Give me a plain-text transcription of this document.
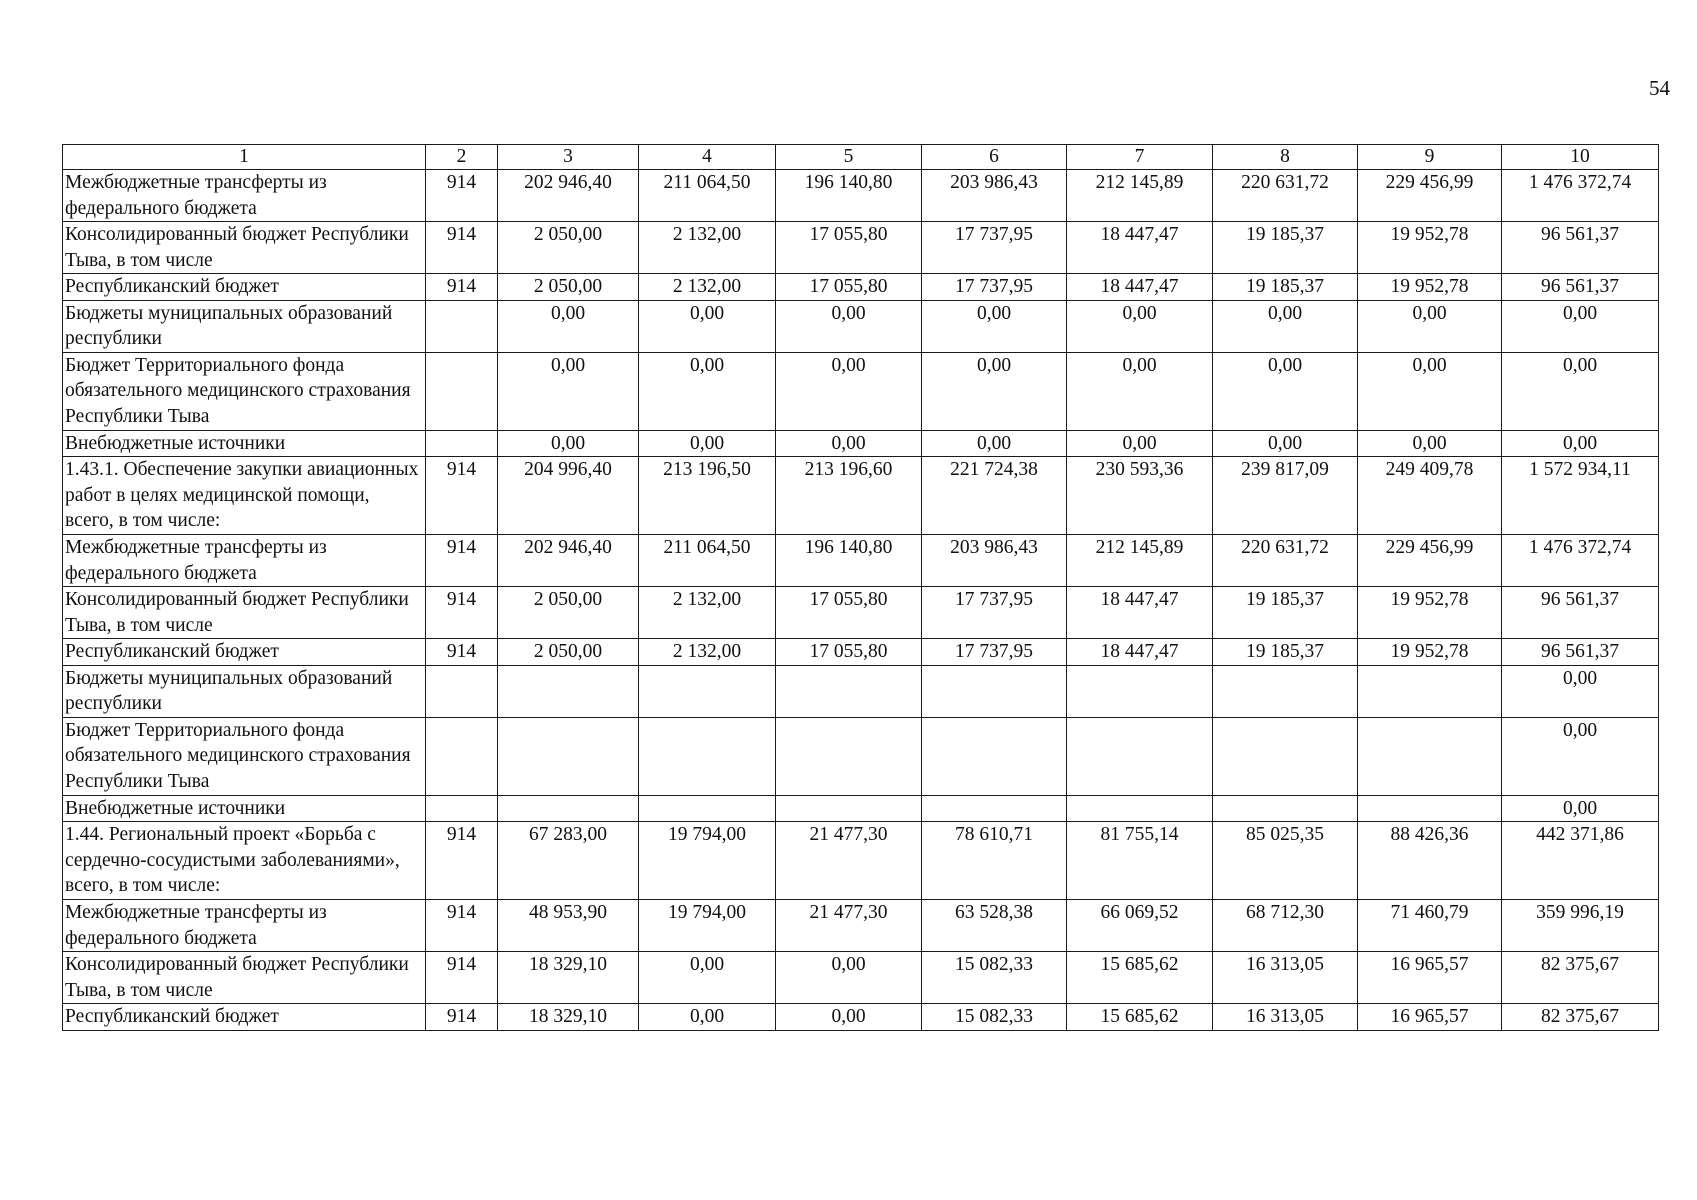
54
1	2	3	4	5	6	7	8	9	10
Межбюджетные трансферты из федерального бюджета	914	202 946,40	211 064,50	196 140,80	203 986,43	212 145,89	220 631,72	229 456,99	1 476 372,74
Консолидированный бюджет Республики Тыва, в том числе	914	2 050,00	2 132,00	17 055,80	17 737,95	18 447,47	19 185,37	19 952,78	96 561,37
Республиканский бюджет	914	2 050,00	2 132,00	17 055,80	17 737,95	18 447,47	19 185,37	19 952,78	96 561,37
Бюджеты муниципальных образований республики		0,00	0,00	0,00	0,00	0,00	0,00	0,00	0,00
Бюджет Территориального фонда обязательного медицинского страхования Республики Тыва		0,00	0,00	0,00	0,00	0,00	0,00	0,00	0,00
Внебюджетные источники		0,00	0,00	0,00	0,00	0,00	0,00	0,00	0,00
1.43.1. Обеспечение закупки авиационных работ в целях медицинской помощи, всего, в том числе:	914	204 996,40	213 196,50	213 196,60	221 724,38	230 593,36	239 817,09	249 409,78	1 572 934,11
Межбюджетные трансферты из федерального бюджета	914	202 946,40	211 064,50	196 140,80	203 986,43	212 145,89	220 631,72	229 456,99	1 476 372,74
Консолидированный бюджет Республики Тыва, в том числе	914	2 050,00	2 132,00	17 055,80	17 737,95	18 447,47	19 185,37	19 952,78	96 561,37
Республиканский бюджет	914	2 050,00	2 132,00	17 055,80	17 737,95	18 447,47	19 185,37	19 952,78	96 561,37
Бюджеты муниципальных образований республики									0,00
Бюджет Территориального фонда обязательного медицинского страхования Республики Тыва									0,00
Внебюджетные источники									0,00
1.44. Региональный проект «Борьба с сердечно-сосудистыми заболеваниями», всего, в том числе:	914	67 283,00	19 794,00	21 477,30	78 610,71	81 755,14	85 025,35	88 426,36	442 371,86
Межбюджетные трансферты из федерального бюджета	914	48 953,90	19 794,00	21 477,30	63 528,38	66 069,52	68 712,30	71 460,79	359 996,19
Консолидированный бюджет Республики Тыва, в том числе	914	18 329,10	0,00	0,00	15 082,33	15 685,62	16 313,05	16 965,57	82 375,67
Республиканский бюджет	914	18 329,10	0,00	0,00	15 082,33	15 685,62	16 313,05	16 965,57	82 375,67
